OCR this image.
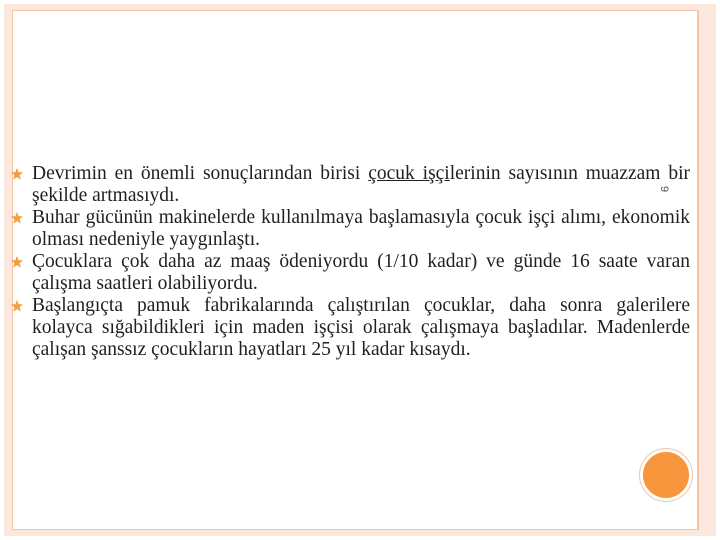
9
Devrimin en önemli sonuçlarından birisi çocuk işçilerinin sayısının muazzam bir şekilde artmasıydı.
Buhar gücünün makinelerde kullanılmaya başlamasıyla çocuk işçi alımı, ekonomik olması nedeniyle yaygınlaştı.
Çocuklara çok daha az maaş ödeniyordu (1/10 kadar) ve günde 16 saate varan çalışma saatleri olabiliyordu.
Başlangıçta pamuk fabrikalarında çalıştırılan çocuklar, daha sonra galerilere kolayca sığabildikleri için maden işçisi olarak çalışmaya başladılar. Madenlerde çalışan şanssız çocukların hayatları 25 yıl kadar kısaydı.
